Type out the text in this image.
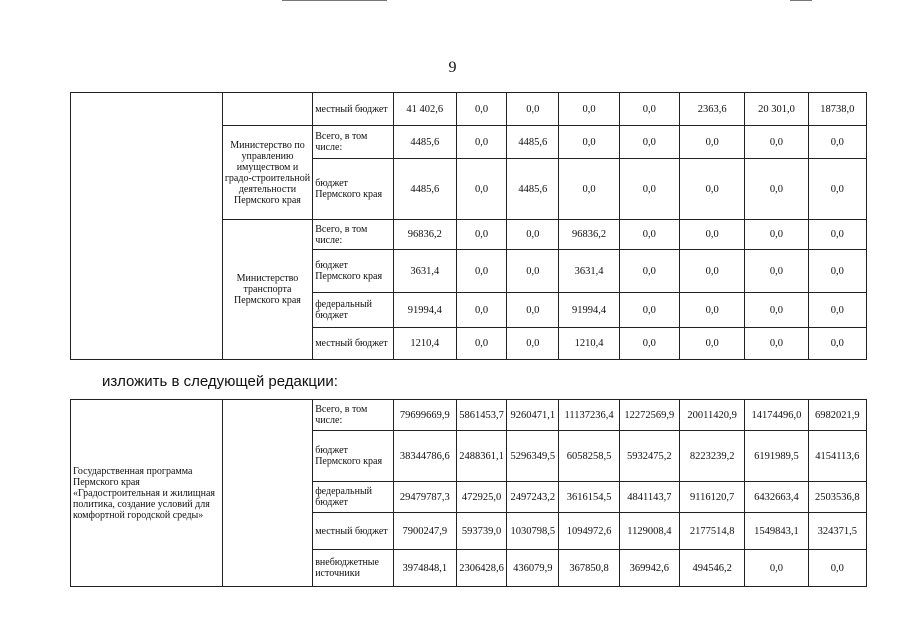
9
		местный бюджет	41 402,6	0,0	0,0	0,0	0,0	2363,6	20 301,0	18738,0
	Министерство по управлению имуществом и градо-строительной деятельности Пермского края	Всего, в том числе:	4485,6	0,0	4485,6	0,0	0,0	0,0	0,0	0,0
		бюджет Пермского края	4485,6	0,0	4485,6	0,0	0,0	0,0	0,0	0,0
	Министерство транспорта Пермского края	Всего, в том числе:	96836,2	0,0	0,0	96836,2	0,0	0,0	0,0	0,0
		бюджет Пермского края	3631,4	0,0	0,0	3631,4	0,0	0,0	0,0	0,0
		федеральный бюджет	91994,4	0,0	0,0	91994,4	0,0	0,0	0,0	0,0
		местный бюджет	1210,4	0,0	0,0	1210,4	0,0	0,0	0,0	0,0
изложить в следующей редакции:
Государственная программа Пермского края «Градостроительная и жилищная политика, создание условий для комфортной городской среды»		Всего, в том числе:	79699669,9	5861453,7	9260471,1	11137236,4	12272569,9	20011420,9	14174496,0	6982021,9
		бюджет Пермского края	38344786,6	2488361,1	5296349,5	6058258,5	5932475,2	8223239,2	6191989,5	4154113,6
		федеральный бюджет	29479787,3	472925,0	2497243,2	3616154,5	4841143,7	9116120,7	6432663,4	2503536,8
		местный бюджет	7900247,9	593739,0	1030798,5	1094972,6	1129008,4	2177514,8	1549843,1	324371,5
		внебюджетные источники	3974848,1	2306428,6	436079,9	367850,8	369942,6	494546,2	0,0	0,0
